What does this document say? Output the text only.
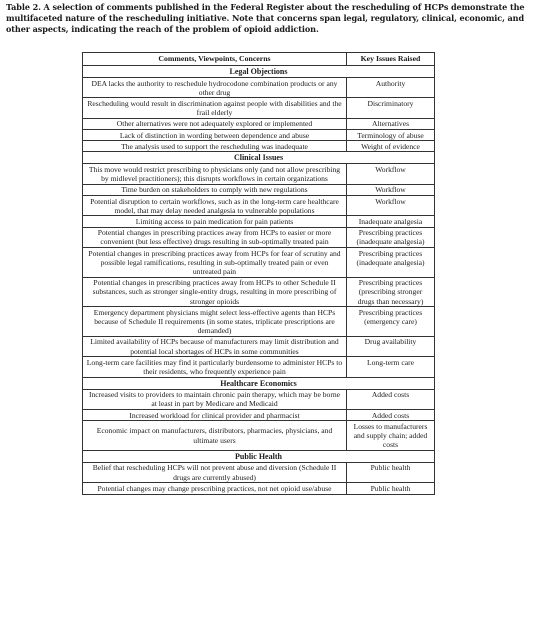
Table 2. A selection of comments published in the Federal Register about the rescheduling of HCPs demonstrate the multifaceted nature of the rescheduling initiative. Note that concerns span legal, regulatory, clinical, economic, and other aspects, indicating the reach of the problem of opioid addiction.
Comments, Viewpoints, Concerns	Key Issues Raised
Legal Objections	
DEA lacks the authority to reschedule hydrocodone combination products or any other drug	Authority
Rescheduling would result in discrimination against people with disabilities and the frail elderly	Discriminatory
Other alternatives were not adequately explored or implemented	Alternatives
Lack of distinction in wording between dependence and abuse	Terminology of abuse
The analysis used to support the rescheduling was inadequate	Weight of evidence
Clinical Issues	
This move would restrict prescribing to physicians only (and not allow prescribing by midlevel practitioners); this disrupts workflows in certain organizations	Workflow
Time burden on stakeholders to comply with new regulations	Workflow
Potential disruption to certain workflows, such as in the long-term care healthcare model, that may delay needed analgesia to vulnerable populations	Workflow
Limiting access to pain medication for pain patients	Inadequate analgesia
Potential changes in prescribing practices away from HCPs to easier or more convenient (but less effective) drugs resulting in sub-optimally treated pain	Prescribing practices (inadequate analgesia)
Potential changes in prescribing practices away from HCPs for fear of scrutiny and possible legal ramifications, resulting in sub-optimally treated pain or even untreated pain	Prescribing practices (inadequate analgesia)
Potential changes in prescribing practices away from HCPs to other Schedule II substances, such as stronger single-entity drugs, resulting in more prescribing of stronger opioids	Prescribing practices (prescribing stronger drugs than necessary)
Emergency department physicians might select less-effective agents than HCPs because of Schedule II requirements (in some states, triplicate prescriptions are demanded)	Prescribing practices (emergency care)
Limited availability of HCPs because of manufacturers may limit distribution and potential local shortages of HCPs in some communities	Drug availability
Long-term care facilities may find it particularly burdensome to administer HCPs to their residents, who frequently experience pain	Long-term care
Healthcare Economics	
Increased visits to providers to maintain chronic pain therapy, which may be borne at least in part by Medicare and Medicaid	Added costs
Increased workload for clinical provider and pharmacist	Added costs
Economic impact on manufacturers, distributors, pharmacies, physicians, and ultimate users	Losses to manufacturers and supply chain; added costs
Public Health	
Belief that rescheduling HCPs will not prevent abuse and diversion (Schedule II drugs are currently abused)	Public health
Potential changes may change prescribing practices, not net opioid use/abuse	Public health
